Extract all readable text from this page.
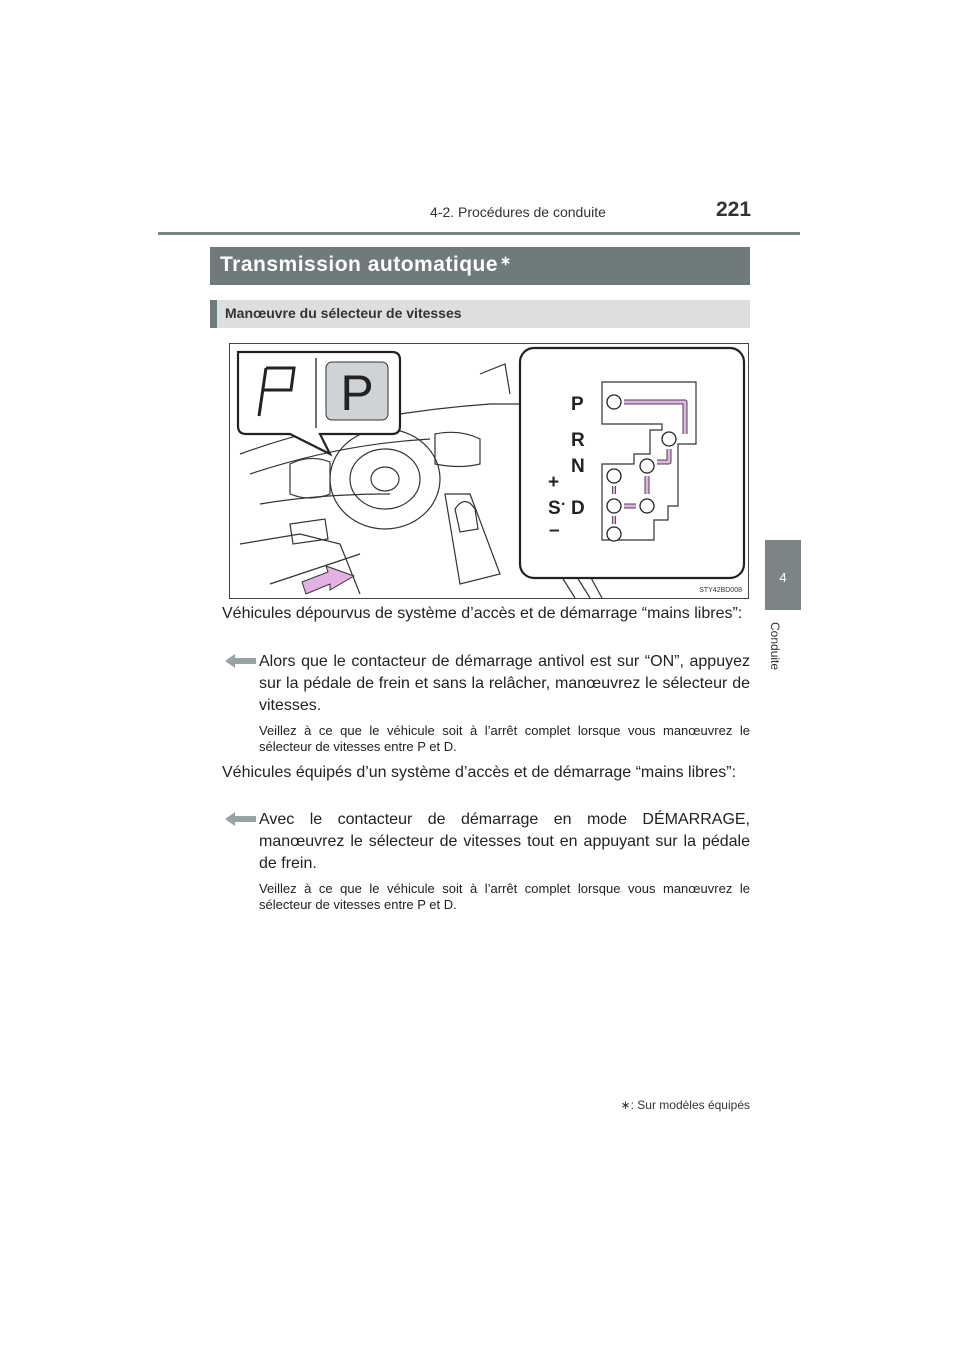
4-2. Procédures de conduite	221
4
Conduite
Transmission automatique ∗
Manœuvre du sélecteur de vitesses
P	P
R
N
+
S · D
–
STY42BD008
Véhicules dépourvus de système d’accès et de démarrage “mains libres”:
Alors que le contacteur de démarrage antivol est sur “ON”, appuyez sur la pédale de frein et sans la relâcher, manœuvrez le sélecteur de vitesses.
Veillez à ce que le véhicule soit à l’arrêt complet lorsque vous manœuvrez le sélecteur de vitesses entre P et D.
Véhicules équipés d’un système d’accès et de démarrage “mains libres”:
Avec le contacteur de démarrage en mode DÉMARRAGE, manœuvrez le sélecteur de vitesses tout en appuyant sur la pédale de frein.
Veillez à ce que le véhicule soit à l’arrêt complet lorsque vous manœuvrez le sélecteur de vitesses entre P et D.
∗: Sur modèles équipés
